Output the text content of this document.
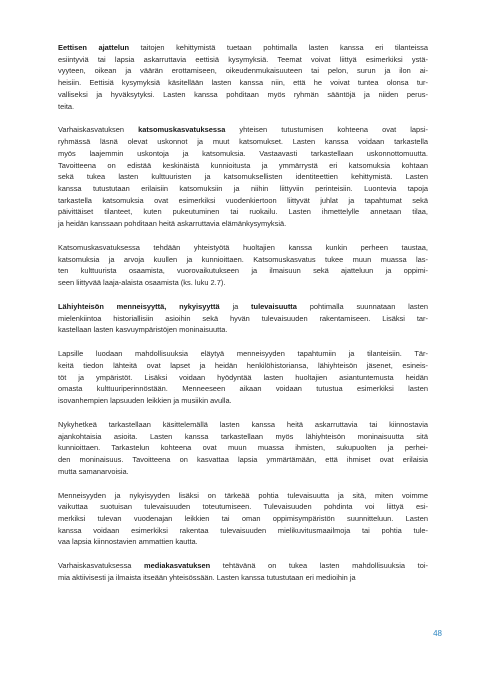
Eettisen ajattelun taitojen kehittymistä tuetaan pohtimalla lasten kanssa eri tilanteissa
esiintyviä tai lapsia askarruttavia eettisiä kysymyksiä. Teemat voivat liittyä esimerkiksi ystä-
vyyteen, oikean ja väärän erottamiseen, oikeudenmukaisuuteen tai pelon, surun ja ilon ai-
heisiin. Eettisiä kysymyksiä käsitellään lasten kanssa niin, että he voivat tuntea olonsa tur-
valliseksi ja hyväksytyksi. Lasten kanssa pohditaan myös ryhmän sääntöjä ja niiden perus-
teita.

Varhaiskasvatuksen katsomuskasvatuksessa yhteisen tutustumisen kohteena ovat lapsi-
ryhmässä läsnä olevat uskonnot ja muut katsomukset. Lasten kanssa voidaan tarkastella
myös laajemmin uskontoja ja katsomuksia. Vastaavasti tarkastellaan uskonnottomuutta.
Tavoitteena on edistää keskinäistä kunnioitusta ja ymmärrystä eri katsomuksia kohtaan
sekä tukea lasten kulttuuristen ja katsomuksellisten identiteettien kehittymistä. Lasten
kanssa tutustutaan erilaisiin katsomuksiin ja niihin liittyviin perinteisiin. Luontevia tapoja
tarkastella katsomuksia ovat esimerkiksi vuodenkiertoon liittyvät juhlat ja tapahtumat sekä
päivittäiset tilanteet, kuten pukeutuminen tai ruokailu. Lasten ihmettelylle annetaan tilaa,
ja heidän kanssaan pohditaan heitä askarruttavia elämänkysymyksiä.

Katsomuskasvatuksessa tehdään yhteistyötä huoltajien kanssa kunkin perheen taustaa,
katsomuksia ja arvoja kuullen ja kunnioittaen. Katsomuskasvatus tukee muun muassa las-
ten kulttuurista osaamista, vuorovaikutukseen ja ilmaisuun sekä ajatteluun ja oppimi-
seen liittyvää laaja-alaista osaamista (ks. luku 2.7).

Lähiyhteisön menneisyyttä, nykyisyyttä ja tulevaisuutta pohtimalla suunnataan lasten
mielenkiintoa historiallisiin asioihin sekä hyvän tulevaisuuden rakentamiseen. Lisäksi tar-
kastellaan lasten kasvuympäristöjen moninaisuutta.

Lapsille luodaan mahdollisuuksia eläytyä menneisyyden tapahtumiin ja tilanteisiin. Tär-
keitä tiedon lähteitä ovat lapset ja heidän henkilöhistoriansa, lähiyhteisön jäsenet, esineis-
töt ja ympäristöt. Lisäksi voidaan hyödyntää lasten huoltajien asiantuntemusta heidän
omasta kulttuuriperinnöstään. Menneeseen aikaan voidaan tutustua esimerkiksi lasten
isovanhempien lapsuuden leikkien ja musiikin avulla.

Nykyhetkeä tarkastellaan käsittelemällä lasten kanssa heitä askarruttavia tai kiinnostavia
ajankohtaisia asioita. Lasten kanssa tarkastellaan myös lähiyhteisön moninaisuutta sitä
kunnioittaen. Tarkastelun kohteena ovat muun muassa ihmisten, sukupuolten ja perhei-
den moninaisuus. Tavoitteena on kasvattaa lapsia ymmärtämään, että ihmiset ovat erilaisia
mutta samanarvoisia.

Menneisyyden ja nykyisyyden lisäksi on tärkeää pohtia tulevaisuutta ja sitä, miten voimme
vaikuttaa suotuisan tulevaisuuden toteutumiseen. Tulevaisuuden pohdinta voi liittyä esi-
merkiksi tulevan vuodenajan leikkien tai oman oppimisympäristön suunnitteluun. Lasten
kanssa voidaan esimerkiksi rakentaa tulevaisuuden mielikuvitusmaailmoja tai pohtia tule-
vaa lapsia kiinnostavien ammattien kautta.

Varhaiskasvatuksessa mediakasvatuksen tehtävänä on tukea lasten mahdollisuuksia toi-
mia aktiivisesti ja ilmaista itseään yhteisössään. Lasten kanssa tutustutaan eri medioihin ja

48
